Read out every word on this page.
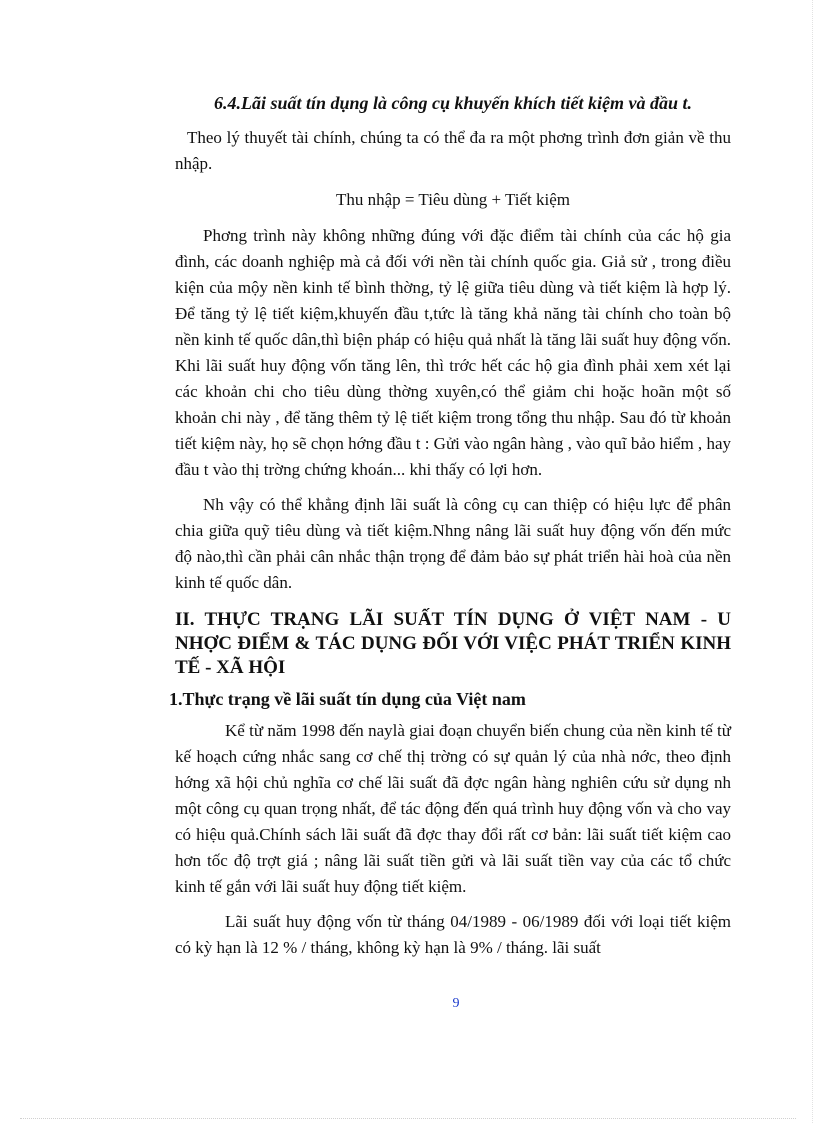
6.4.Lãi suất tín dụng là công cụ khuyến khích tiết kiệm và đầu t.

Theo lý thuyết tài chính, chúng ta có thể đa ra một phơng trình đơn giản về thu nhập.

Thu nhập = Tiêu dùng + Tiết kiệm

Phơng trình này không những đúng với đặc điểm tài chính của các hộ gia đình, các doanh nghiệp mà cả đối với nền tài chính quốc gia. Giả sử , trong điều kiện của mộy nền kinh tế bình thờng, tỷ lệ giữa tiêu dùng và tiết kiệm là hợp lý. Để tăng tỷ lệ tiết kiệm,khuyến đầu t,tức là tăng khả năng tài chính cho toàn bộ nền kinh tế quốc dân,thì biện pháp có hiệu quả nhất là tăng lãi suất huy động vốn. Khi lãi suất huy động vốn tăng lên, thì trớc hết các hộ gia đình phải xem xét lại các khoản chi cho tiêu dùng thờng xuyên,có thể giảm chi hoặc hoãn một số khoản chi này , để tăng thêm tỷ lệ tiết kiệm trong tổng thu nhập. Sau đó từ khoản tiết kiệm này, họ sẽ chọn hớng đầu t : Gửi vào ngân hàng , vào quĩ bảo hiểm , hay đầu t vào thị trờng chứng khoán... khi thấy có lợi hơn.

Nh vậy có thể khẳng định lãi suất là công cụ can thiệp có hiệu lực để phân chia giữa quỹ tiêu dùng và tiết kiệm.Nhng nâng lãi suất huy động vốn đến mức độ nào,thì cần phải cân nhắc thận trọng để đảm bảo sự phát triển hài hoà của nền kinh tế quốc dân.

II. THỰC TRẠNG LÃI SUẤT TÍN DỤNG Ở VIỆT NAM - U NHỢC ĐIỂM & TÁC DỤNG ĐỐI VỚI VIỆC PHÁT TRIỂN KINH TẾ - XÃ HỘI
1.Thực trạng về lãi suất tín dụng của Việt nam

Kể từ năm 1998 đến naylà giai đoạn chuyển biến chung của nền kinh tế từ kế hoạch cứng nhắc sang cơ chế thị trờng có sự quản lý của nhà nớc, theo định hớng xã hội chủ nghĩa cơ chế lãi suất đã đợc ngân hàng nghiên cứu sử dụng nh một công cụ quan trọng nhất, để tác động đến quá trình huy động vốn và cho vay có hiệu quả.Chính sách lãi suất đã đợc thay đổi rất cơ bản: lãi suất tiết kiệm cao hơn tốc độ trợt giá ; nâng lãi suất tiền gửi và lãi suất tiền vay của các tổ chức kinh tế gắn với lãi suất huy động tiết kiệm.

Lãi suất huy động vốn từ tháng 04/1989 - 06/1989 đối với loại tiết kiệm có kỳ hạn là 12 % / tháng, không kỳ hạn là 9% / tháng. lãi suất

9
